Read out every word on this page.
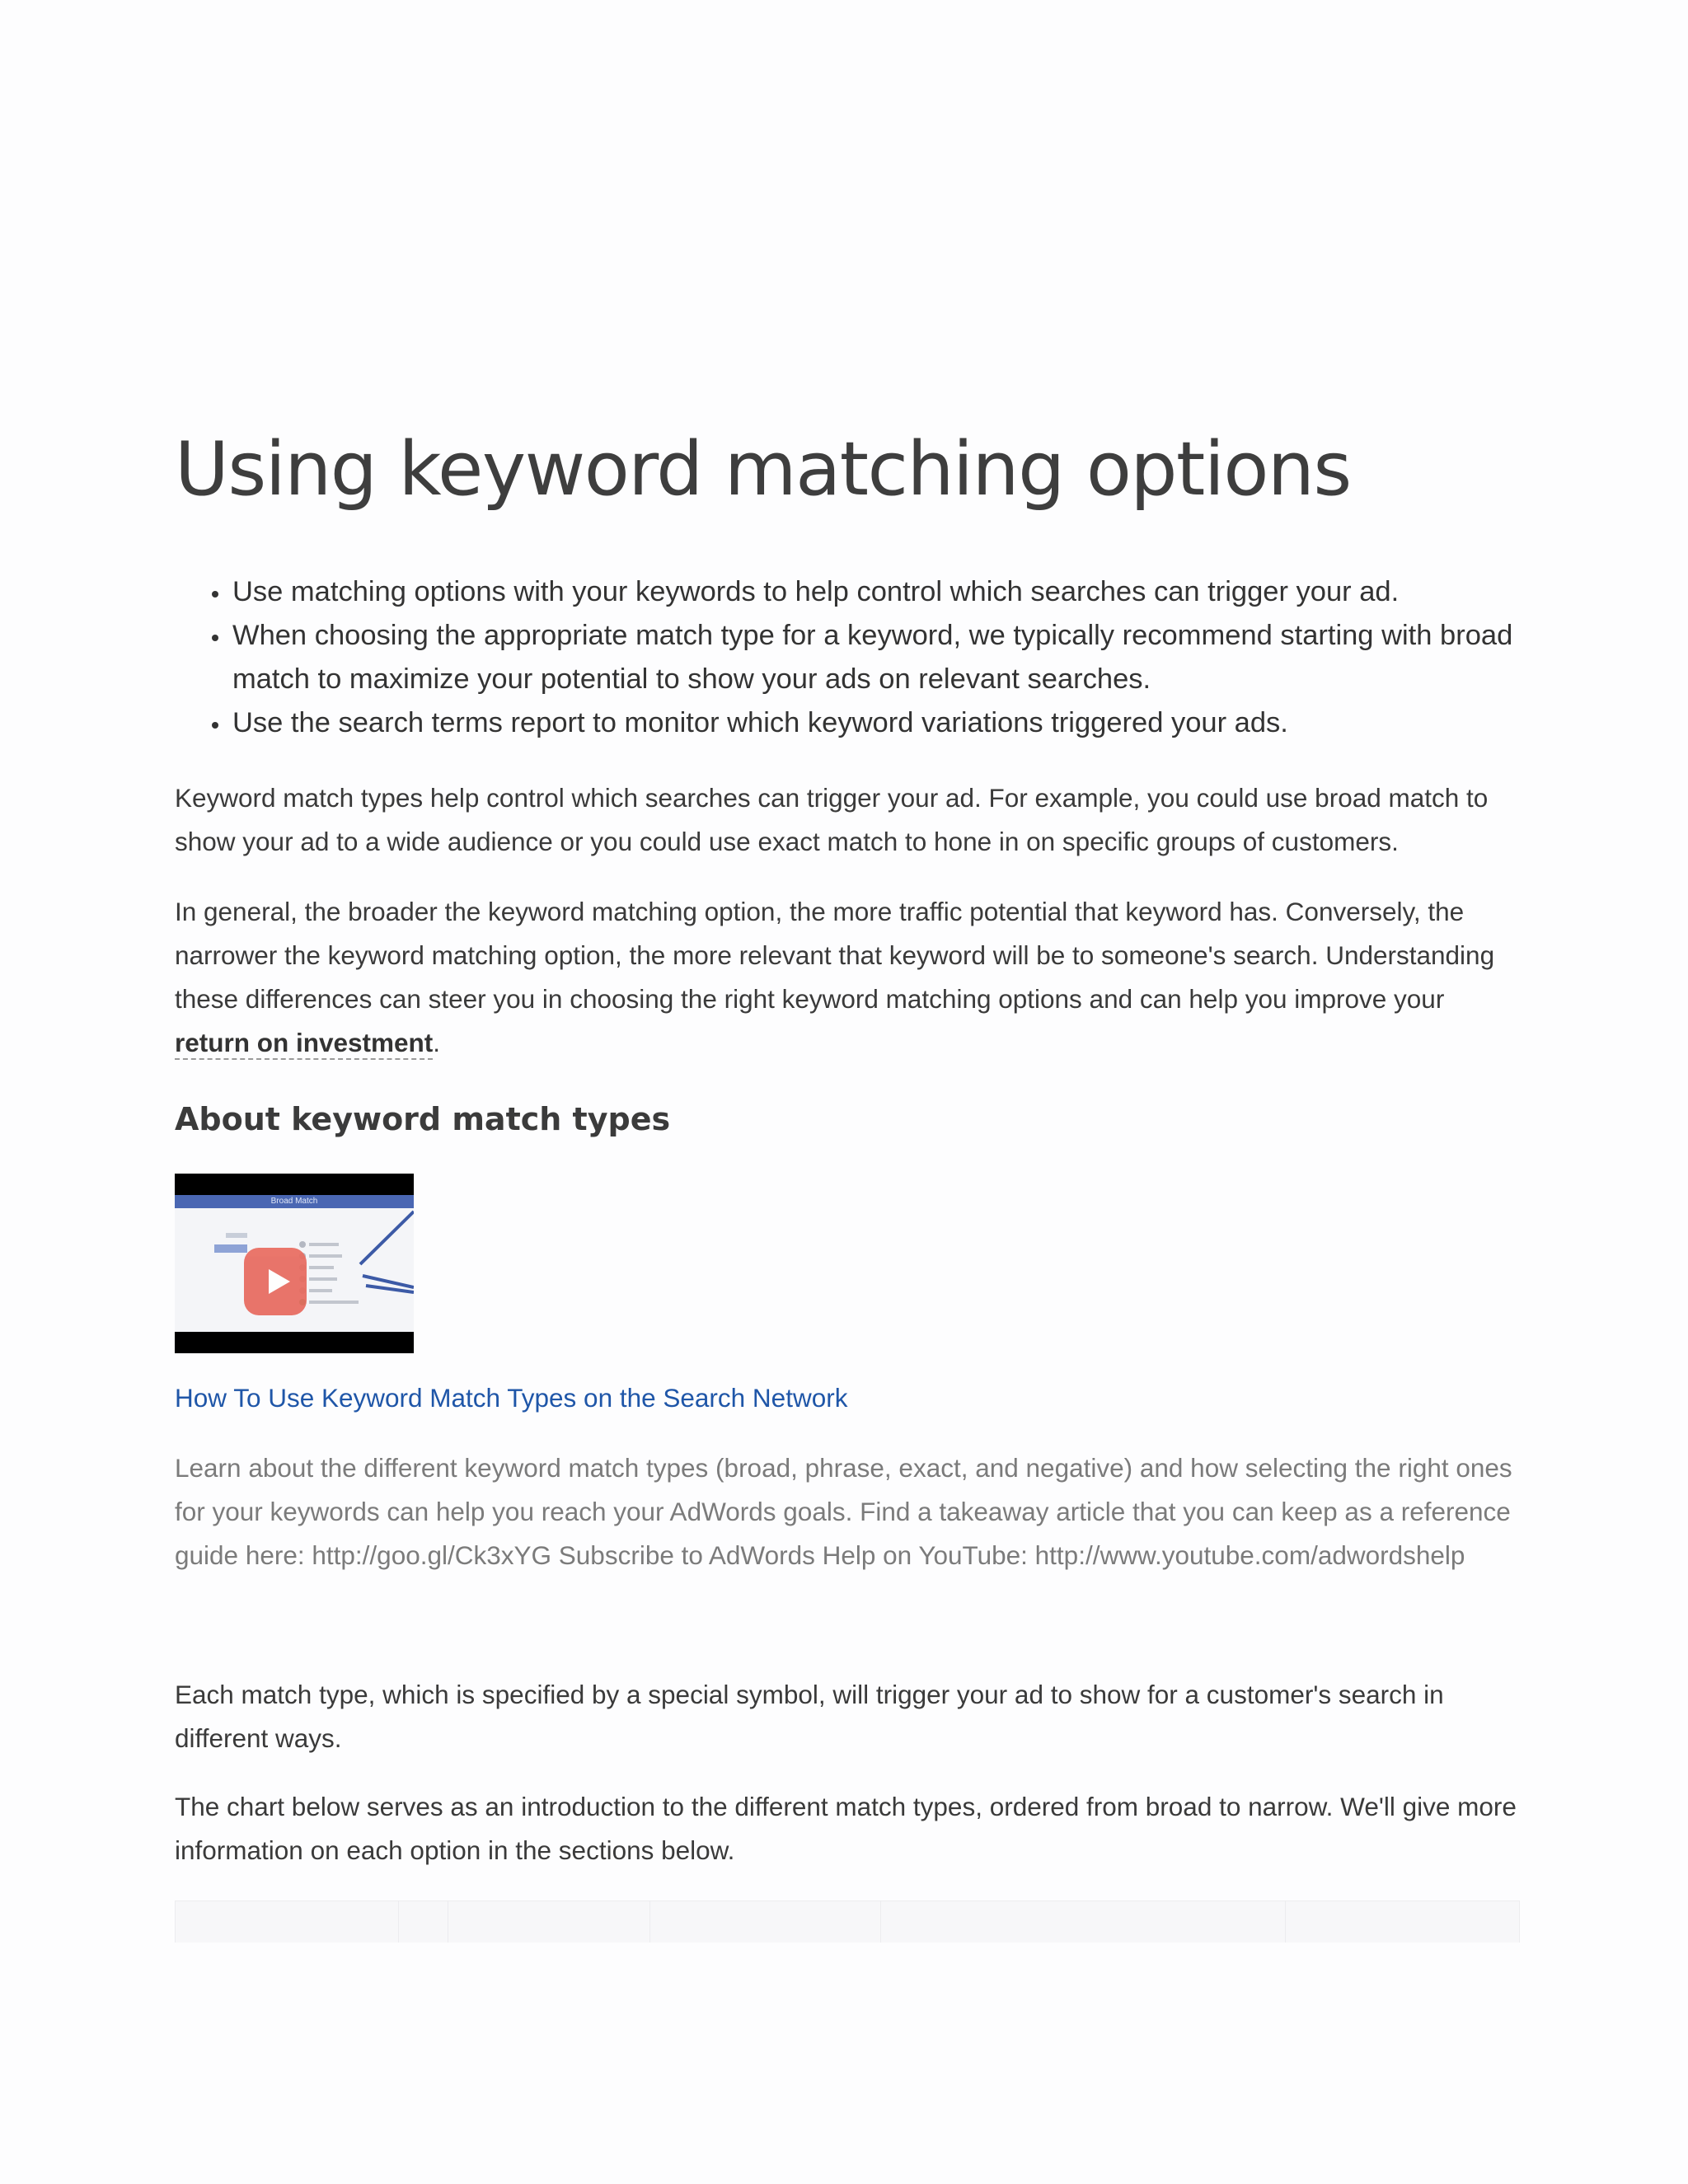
Using keyword matching options
• Use matching options with your keywords to help control which searches can trigger your ad.
• When choosing the appropriate match type for a keyword, we typically recommend starting with broad match to maximize your potential to show your ads on relevant searches.
• Use the search terms report to monitor which keyword variations triggered your ads.

Keyword match types help control which searches can trigger your ad. For example, you could use broad match to show your ad to a wide audience or you could use exact match to hone in on specific groups of customers.

In general, the broader the keyword matching option, the more traffic potential that keyword has. Conversely, the narrower the keyword matching option, the more relevant that keyword will be to someone's search. Understanding these differences can steer you in choosing the right keyword matching options and can help you improve your return on investment.

About keyword match types
Broad Match
How To Use Keyword Match Types on the Search Network

Learn about the different keyword match types (broad, phrase, exact, and negative) and how selecting the right ones for your keywords can help you reach your AdWords goals. Find a takeaway article that you can keep as a reference guide here: http://goo.gl/Ck3xYG Subscribe to AdWords Help on YouTube: http://www.youtube.com/adwordshelp

Each match type, which is specified by a special symbol, will trigger your ad to show for a customer's search in different ways.

The chart below serves as an introduction to the different match types, ordered from broad to narrow. We'll give more information on each option in the sections below.
